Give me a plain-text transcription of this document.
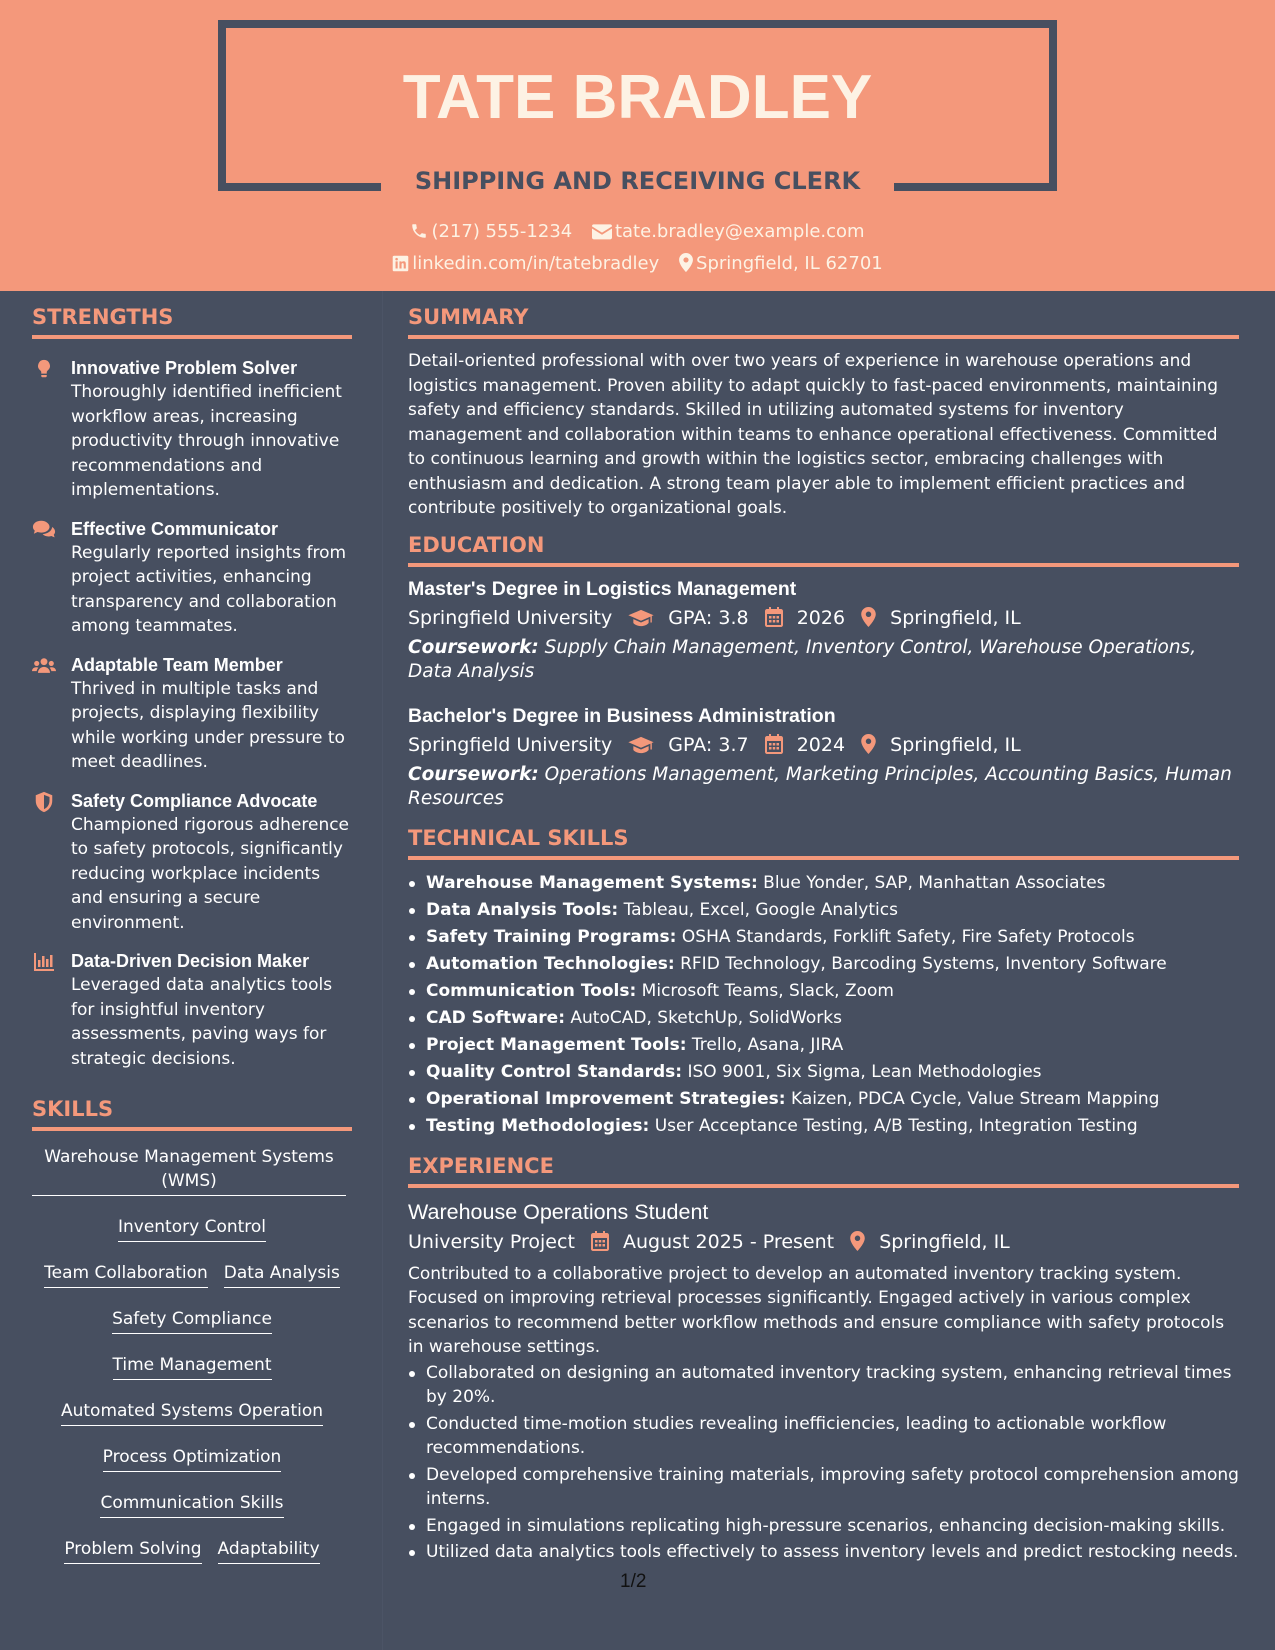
TATE BRADLEY
SHIPPING AND RECEIVING CLERK
(217) 555-1234 tate.bradley@example.com
linkedin.com/in/tatebradley Springfield, IL 62701
STRENGTHS
Innovative Problem Solver
Thoroughly identified inefficient workflow areas, increasing productivity through innovative recommendations and implementations.
Effective Communicator
Regularly reported insights from project activities, enhancing transparency and collaboration among teammates.
Adaptable Team Member
Thrived in multiple tasks and projects, displaying flexibility while working under pressure to meet deadlines.
Safety Compliance Advocate
Championed rigorous adherence to safety protocols, significantly reducing workplace incidents and ensuring a secure environment.
Data-Driven Decision Maker
Leveraged data analytics tools for insightful inventory assessments, paving ways for strategic decisions.
SKILLS
Warehouse Management Systems (WMS)
Inventory Control
Team Collaboration Data Analysis
Safety Compliance
Time Management
Automated Systems Operation
Process Optimization
Communication Skills
Problem Solving Adaptability
SUMMARY
Detail-oriented professional with over two years of experience in warehouse operations and logistics management. Proven ability to adapt quickly to fast-paced environments, maintaining safety and efficiency standards. Skilled in utilizing automated systems for inventory management and collaboration within teams to enhance operational effectiveness. Committed to continuous learning and growth within the logistics sector, embracing challenges with enthusiasm and dedication. A strong team player able to implement efficient practices and contribute positively to organizational goals.
EDUCATION
Master's Degree in Logistics Management
Springfield University	GPA: 3.8	2026 Springfield, IL
Coursework: Supply Chain Management, Inventory Control, Warehouse Operations, Data Analysis
Bachelor's Degree in Business Administration
Springfield University	GPA: 3.7	2024 Springfield, IL
Coursework: Operations Management, Marketing Principles, Accounting Basics, Human Resources
TECHNICAL SKILLS
Warehouse Management Systems: Blue Yonder, SAP, Manhattan Associates
Data Analysis Tools: Tableau, Excel, Google Analytics
Safety Training Programs: OSHA Standards, Forklift Safety, Fire Safety Protocols
Automation Technologies: RFID Technology, Barcoding Systems, Inventory Software
Communication Tools: Microsoft Teams, Slack, Zoom
CAD Software: AutoCAD, SketchUp, SolidWorks
Project Management Tools: Trello, Asana, JIRA
Quality Control Standards: ISO 9001, Six Sigma, Lean Methodologies
Operational Improvement Strategies: Kaizen, PDCA Cycle, Value Stream Mapping
Testing Methodologies: User Acceptance Testing, A/B Testing, Integration Testing
EXPERIENCE
Warehouse Operations Student
University Project	August 2025 - Present Springfield, IL
Contributed to a collaborative project to develop an automated inventory tracking system. Focused on improving retrieval processes significantly. Engaged actively in various complex scenarios to recommend better workflow methods and ensure compliance with safety protocols in warehouse settings.
Collaborated on designing an automated inventory tracking system, enhancing retrieval times by 20%.
Conducted time-motion studies revealing inefficiencies, leading to actionable workflow recommendations.
Developed comprehensive training materials, improving safety protocol comprehension among interns.
Engaged in simulations replicating high-pressure scenarios, enhancing decision-making skills.
Utilized data analytics tools effectively to assess inventory levels and predict restocking needs.
1/2
